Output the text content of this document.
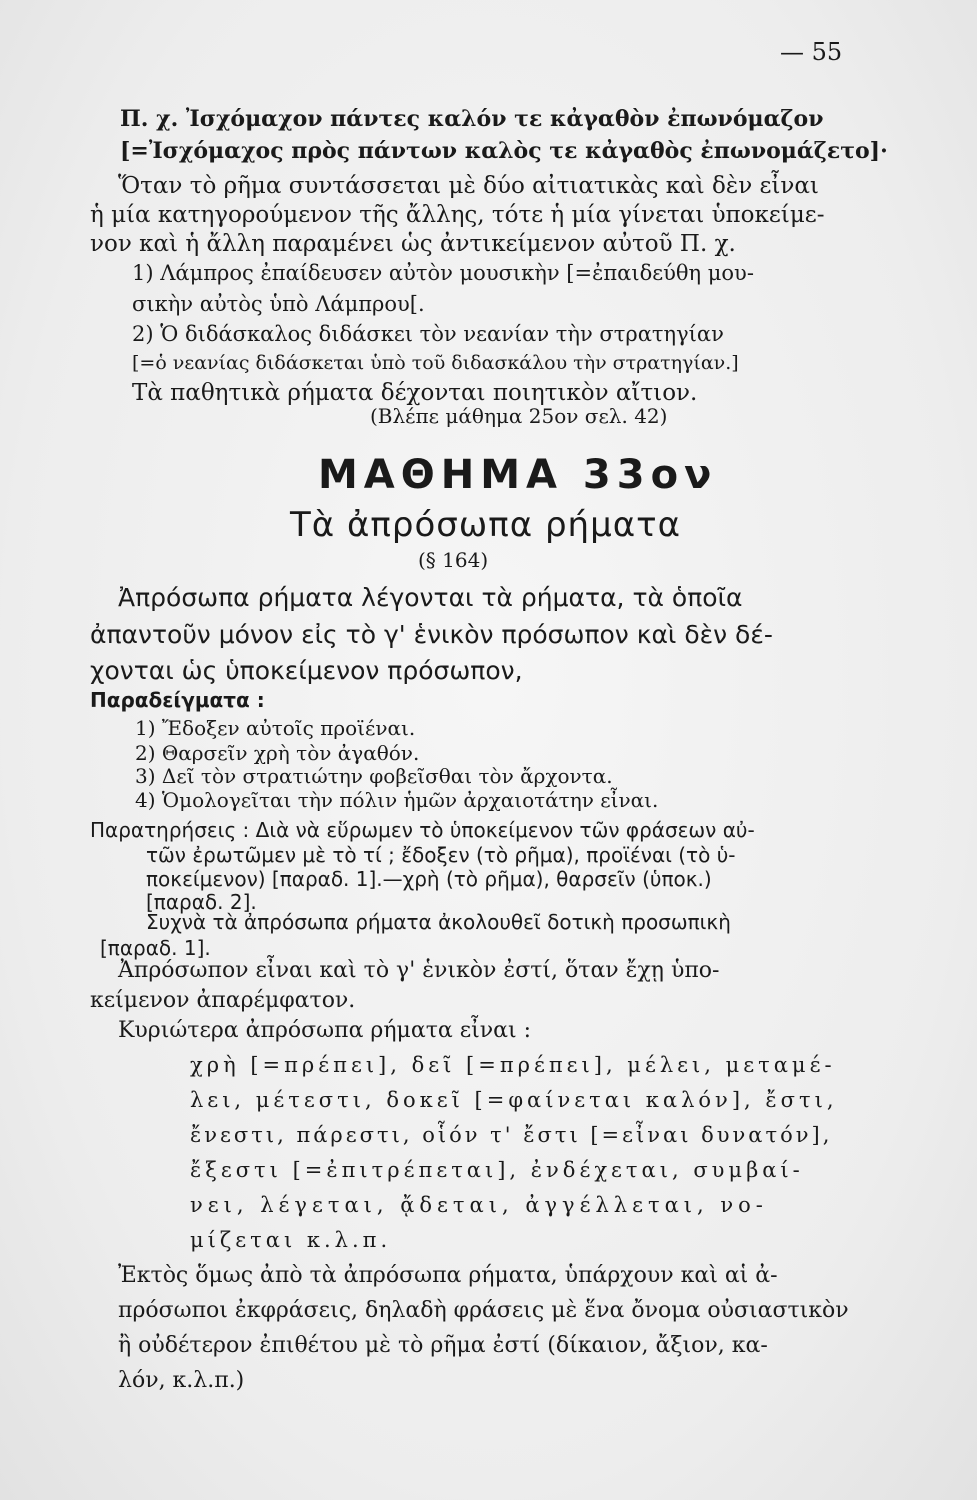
— 55
Π. χ. Ἰσχόμαχον πάντες καλόν τε κἀγαθὸν ἐπωνόμαζον
[=Ἰσχόμαχος πρὸς πάντων καλὸς τε κἀγαθὸς ἐπωνομάζετο]·
Ὅταν τὸ ρῆμα συντάσσεται μὲ δύο αἰτιατικὰς καὶ δὲν εἶναι
ἡ μία κατηγορούμενον τῆς ἄλλης, τότε ἡ μία γίνεται ὑποκείμε-
νον καὶ ἡ ἄλλη παραμένει ὡς ἀντικείμενον αὐτοῦ Π. χ.
1) Λάμπρος ἐπαίδευσεν αὐτὸν μουσικὴν [=ἐπαιδεύθη μου-
σικὴν αὐτὸς ὑπὸ Λάμπρου[.
2) Ὁ διδάσκαλος διδάσκει τὸν νεανίαν τὴν στρατηγίαν
[=ὁ νεανίας διδάσκεται ὑπὸ τοῦ διδασκάλου τὴν στρατηγίαν.]
Τὰ παθητικὰ ρήματα δέχονται ποιητικὸν αἴτιον.
(Βλέπε μάθημα 25ον σελ. 42)
ΜΑΘΗΜΑ 33ον
Τὰ ἀπρόσωπα ρήματα
(§ 164)
Ἀπρόσωπα ρήματα λέγονται τὰ ρήματα, τὰ ὁποῖα
ἀπαντοῦν μόνον εἰς τὸ γ' ἑνικὸν πρόσωπον καὶ δὲν δέ-
χονται ὡς ὑποκείμενον πρόσωπον,
Παραδείγματα :
1) Ἔδοξεν αὐτοῖς προϊέναι.
2) Θαρσεῖν χρὴ τὸν ἀγαθόν.
3) Δεῖ τὸν στρατιώτην φοβεῖσθαι τὸν ἄρχοντα.
4) Ὁμολογεῖται τὴν πόλιν ἡμῶν ἀρχαιοτάτην εἶναι.
Παρατηρήσεις : Διὰ νὰ εὕρωμεν τὸ ὑποκείμενον τῶν φράσεων αὐ-
τῶν ἐρωτῶμεν μὲ τὸ τί ; ἔδοξεν (τὸ ρῆμα), προϊέναι (τὸ ὑ-
ποκείμενον) [παραδ. 1].—χρὴ (τὸ ρῆμα), θαρσεῖν (ὑποκ.)
[παραδ. 2].
Συχνὰ τὰ ἀπρόσωπα ρήματα ἀκολουθεῖ δοτικὴ προσωπικὴ
[παραδ. 1].
Ἀπρόσωπον εἶναι καὶ τὸ γ' ἑνικὸν ἐστί, ὅταν ἔχῃ ὑπο-
κείμενον ἀπαρέμφατον.
Κυριώτερα ἀπρόσωπα ρήματα εἶναι :
χρὴ [=πρέπει], δεῖ [=πρέπει], μέλει, μεταμέ-
λει, μέτεστι, δοκεῖ [=φαίνεται καλόν], ἔστι,
ἔνεστι, πάρεστι, οἷόν τ' ἔστι [=εἶναι δυνατόν],
ἔξεστι [=ἐπιτρέπεται], ἐνδέχεται, συμβαί-
νει, λέγεται, ᾄδεται, ἀγγέλλεται, νο-
μίζεται κ.λ.π.
Ἐκτὸς ὅμως ἀπὸ τὰ ἀπρόσωπα ρήματα, ὑπάρχουν καὶ αἱ ἀ-
πρόσωποι ἐκφράσεις, δηλαδὴ φράσεις μὲ ἕνα ὄνομα οὐσιαστικὸν
ἢ οὐδέτερον ἐπιθέτου μὲ τὸ ρῆμα ἐστί (δίκαιον, ἄξιον, κα-
λόν, κ.λ.π.)
